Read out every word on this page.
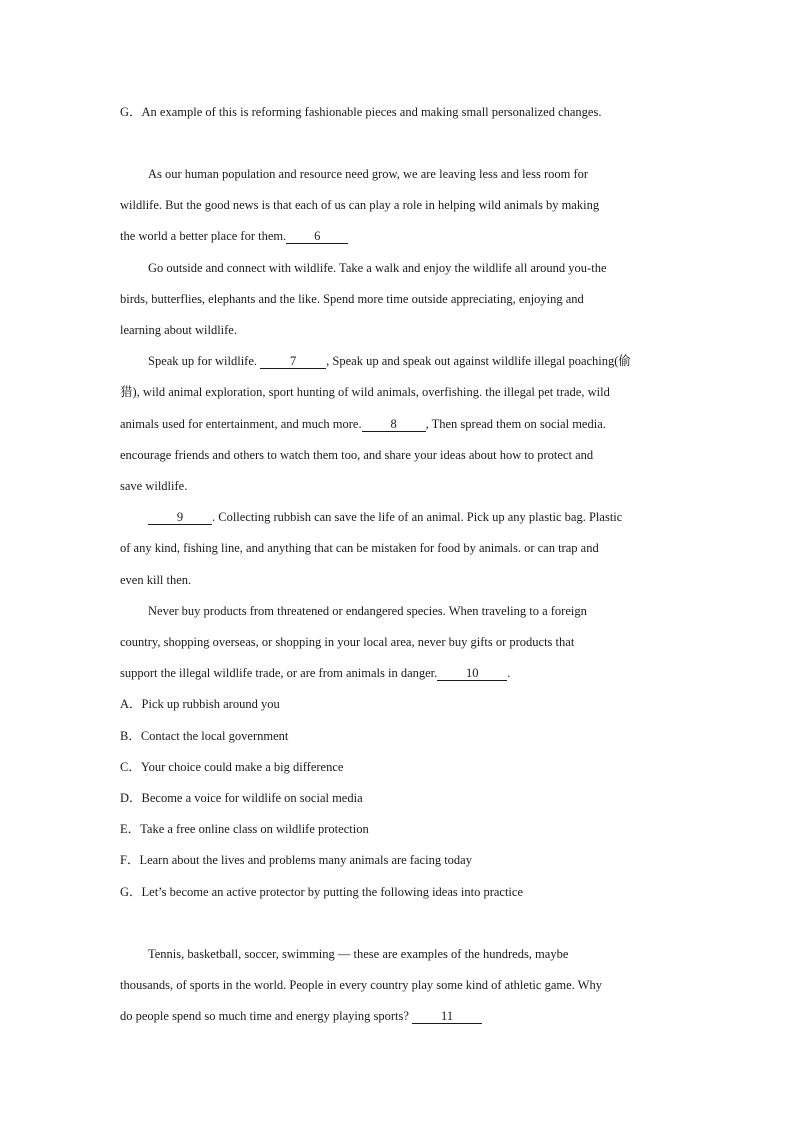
G．An example of this is reforming fashionable pieces and making small personalized changes.
As our human population and resource need grow, we are leaving less and less room for
wildlife. But the good news is that each of us can play a role in helping wild animals by making
the world a better place for them. 6
Go outside and connect with wildlife. Take a walk and enjoy the wildlife all around you-the
birds, butterflies, elephants and the like. Spend more time outside appreciating, enjoying and
learning about wildlife.
Speak up for wildlife. 7 , Speak up and speak out against wildlife illegal poaching(偷
猎), wild animal exploration, sport hunting of wild animals, overfishing. the illegal pet trade, wild
animals used for entertainment, and much more. 8 , Then spread them on social media.
encourage friends and others to watch them too, and share your ideas about how to protect and
save wildlife.
9 . Collecting rubbish can save the life of an animal. Pick up any plastic bag. Plastic
of any kind, fishing line, and anything that can be mistaken for food by animals. or can trap and
even kill then.
Never buy products from threatened or endangered species. When traveling to a foreign
country, shopping overseas, or shopping in your local area, never buy gifts or products that
support the illegal wildlife trade, or are from animals in danger. 10 .
A．Pick up rubbish around you
B．Contact the local government
C．Your choice could make a big difference
D．Become a voice for wildlife on social media
E．Take a free online class on wildlife protection
F．Learn about the lives and problems many animals are facing today
G．Let’s become an active protector by putting the following ideas into practice
Tennis, basketball, soccer, swimming — these are examples of the hundreds, maybe
thousands, of sports in the world. People in every country play some kind of athletic game. Why
do people spend so much time and energy playing sports? 11
